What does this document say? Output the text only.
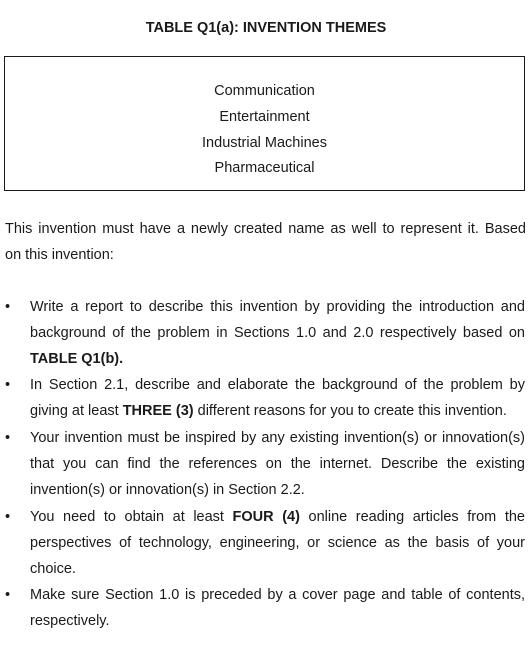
TABLE Q1(a): INVENTION THEMES
Communication
Entertainment
Industrial Machines
Pharmaceutical
This invention must have a newly created name as well to represent it. Based
on this invention:
•	Write a report to describe this invention by providing the introduction and
background of the problem in Sections 1.0 and 2.0 respectively based on
TABLE Q1(b).
•	In Section 2.1, describe and elaborate the background of the problem by
giving at least THREE (3) different reasons for you to create this invention.
•	Your invention must be inspired by any existing invention(s) or innovation(s)
that you can find the references on the internet. Describe the existing
invention(s) or innovation(s) in Section 2.2.
•	You need to obtain at least FOUR (4) online reading articles from the
perspectives of technology, engineering, or science as the basis of your
choice.
•	Make sure Section 1.0 is preceded by a cover page and table of contents,
respectively.
